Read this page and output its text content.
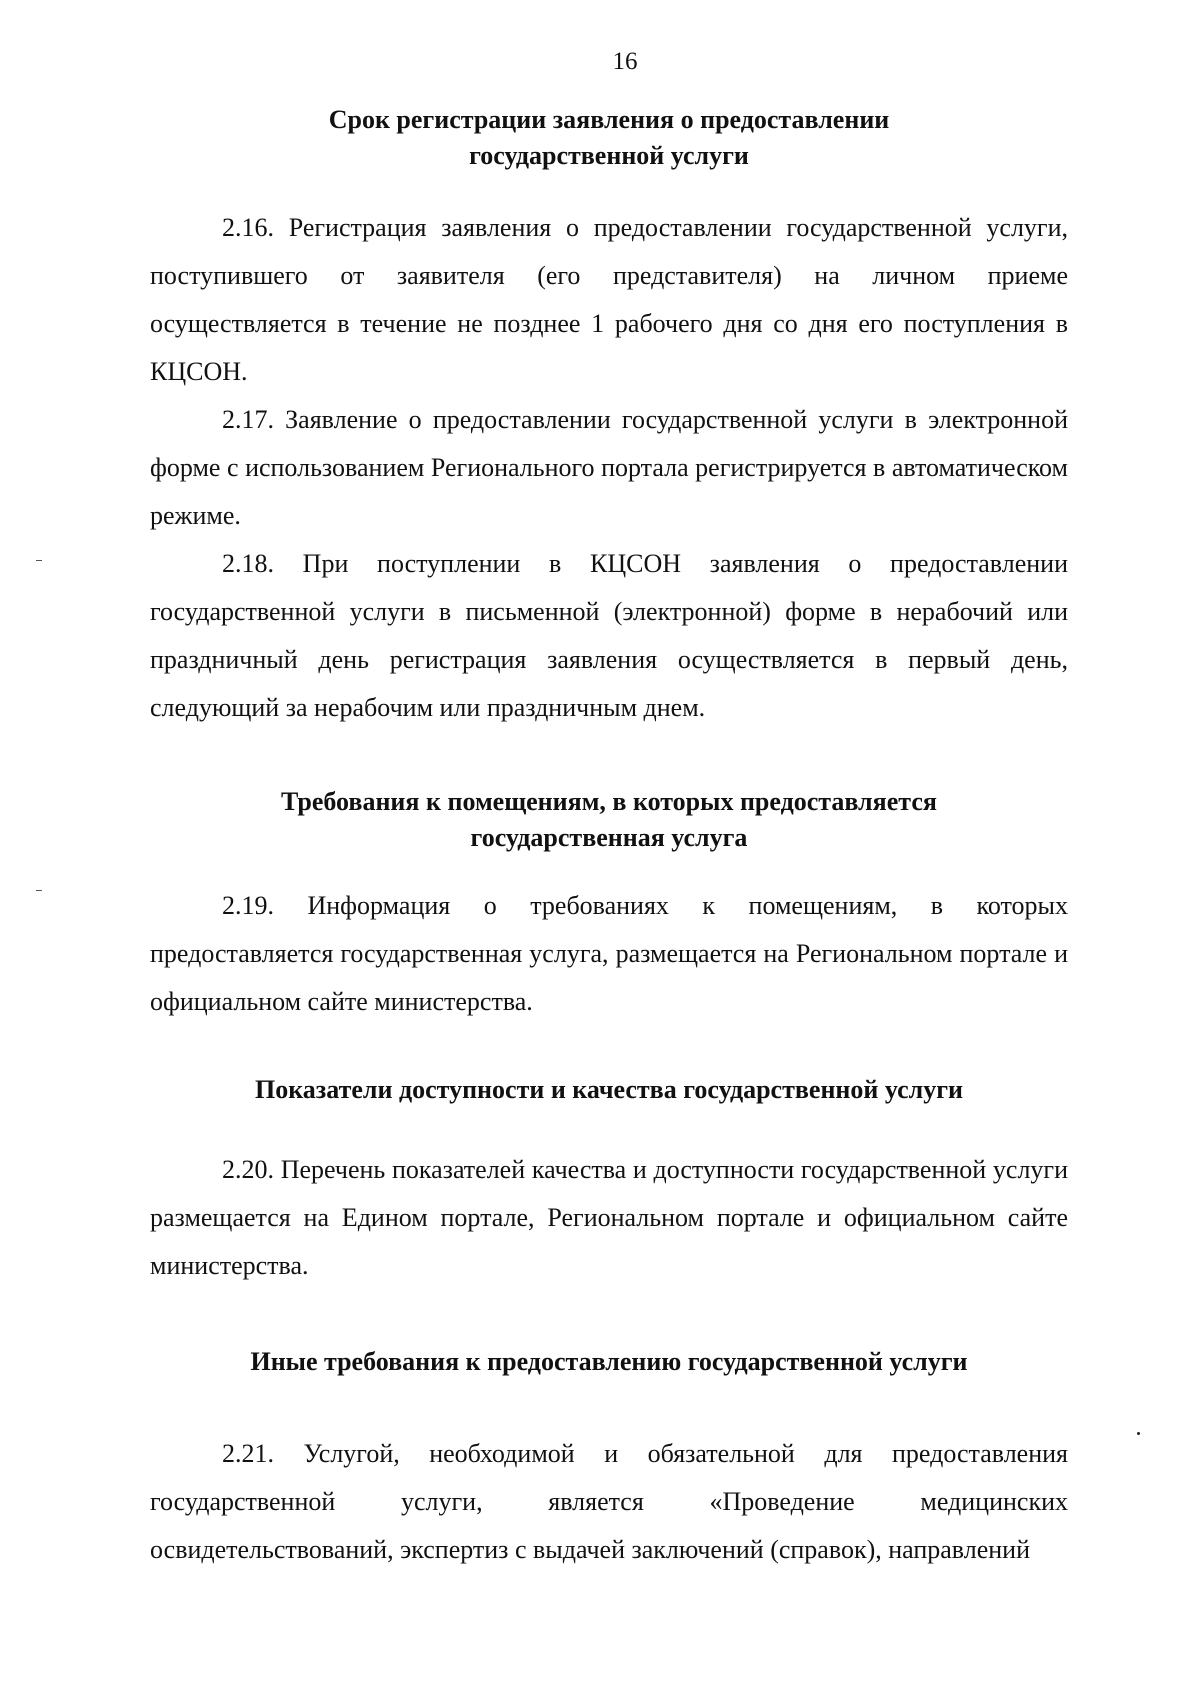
16
Срок регистрации заявления о предоставлении
государственной услуги

2.16. Регистрация заявления о предоставлении государственной услуги, поступившего от заявителя (его представителя) на личном приеме осуществляется в течение не позднее 1 рабочего дня со дня его поступления в КЦСОН.

2.17. Заявление о предоставлении государственной услуги в электронной форме с использованием Регионального портала регистрируется в автоматическом режиме.

2.18. При поступлении в КЦСОН заявления о предоставлении государственной услуги в письменной (электронной) форме в нерабочий или праздничный день регистрация заявления осуществляется в первый день, следующий за нерабочим или праздничным днем.

Требования к помещениям, в которых предоставляется
государственная услуга

2.19. Информация о требованиях к помещениям, в которых предоставляется государственная услуга, размещается на Региональном портале и официальном сайте министерства.

Показатели доступности и качества государственной услуги

2.20. Перечень показателей качества и доступности государственной услуги размещается на Едином портале, Региональном портале и официальном сайте министерства.

Иные требования к предоставлению государственной услуги

2.21. Услугой, необходимой и обязательной для предоставления государственной услуги, является «Проведение медицинских освидетельствований, экспертиз с выдачей заключений (справок), направлений
